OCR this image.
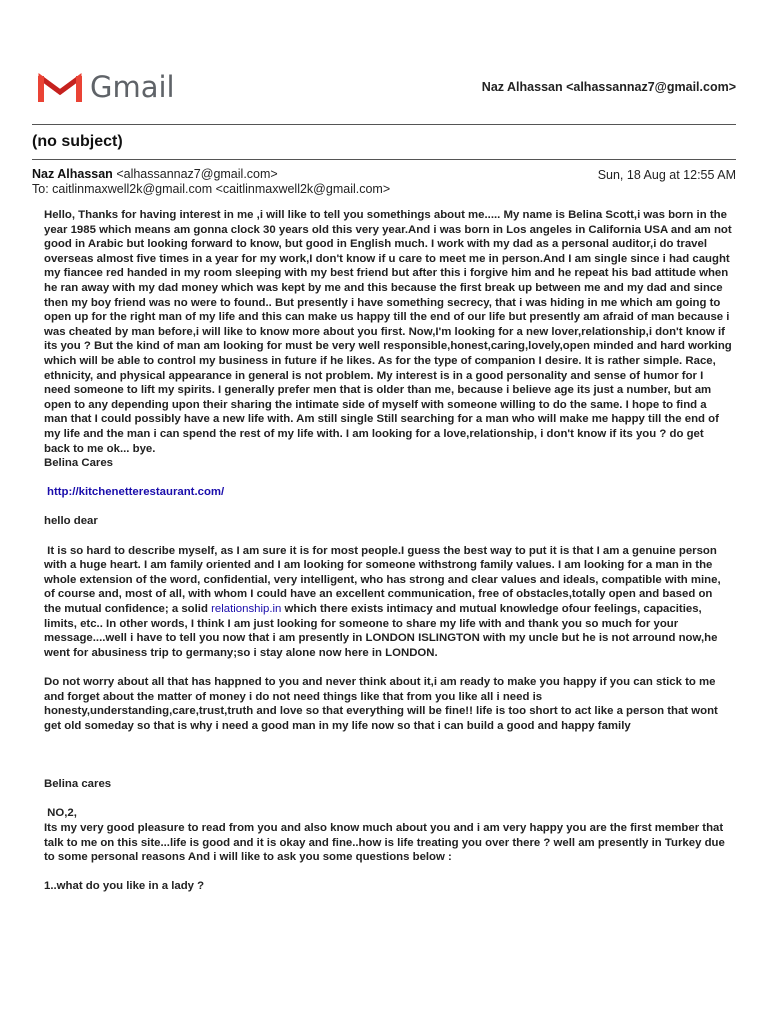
Gmail	Naz Alhassan <alhassannaz7@gmail.com>
(no subject)
Naz Alhassan <alhassannaz7@gmail.com>	Sun, 18 Aug at 12:55 AM
To: caitlinmaxwell2k@gmail.com <caitlinmaxwell2k@gmail.com>

Hello, Thanks for having interest in me ,i will like to tell you somethings about me..... My name is Belina Scott,i was born in the year 1985 which means am gonna clock 30 years old this very year.And i was born in Los angeles in California USA and am not good in Arabic but looking forward to know, but good in English much. I work with my dad as a personal auditor,i do travel overseas almost five times in a year for my work,I don't know if u care to meet me in person.And I am single since i had caught my fiancee red handed in my room sleeping with my best friend but after this i forgive him and he repeat his bad attitude when he ran away with my dad money which was kept by me and this because the first break up between me and my dad and since then my boy friend was no were to found.. But presently i have something secrecy, that i was hiding in me which am going to open up for the right man of my life and this can make us happy till the end of our life but presently am afraid of man because i was cheated by man before,i will like to know more about you first. Now,I'm looking for a new lover,relationship,i don't know if its you ? But the kind of man am looking for must be very well responsible,honest,caring,lovely,open minded and hard working which will be able to control my business in future if he likes. As for the type of companion I desire. It is rather simple. Race, ethnicity, and physical appearance in general is not problem. My interest is in a good personality and sense of humor for I need someone to lift my spirits. I generally prefer men that is older than me, because i believe age its just a number, but am open to any depending upon their sharing the intimate side of myself with someone willing to do the same. I hope to find a man that I could possibly have a new life with. Am still single Still searching for a man who will make me happy till the end of my life and the man i can spend the rest of my life with. I am looking for a love,relationship, i don't know if its you ? do get back to me ok... bye.

Belina Cares

http://kitchenetterestaurant.com/

hello dear

It is so hard to describe myself, as I am sure it is for most people.I guess the best way to put it is that I am a genuine person with a huge heart. I am family oriented and I am looking for someone withstrong family values. I am looking for a man in the whole extension of the word, confidential, very intelligent, who has strong and clear values and ideals, compatible with mine, of course and, most of all, with whom I could have an excellent communication, free of obstacles,totally open and based on the mutual confidence; a solid relationship.in which there exists intimacy and mutual knowledge ofour feelings, capacities, limits, etc.. In other words, I think I am just looking for someone to share my life with and thank you so much for your message....well i have to tell you now that i am presently in LONDON ISLINGTON with my uncle but he is not arround now,he went for abusiness trip to germany;so i stay alone now here in LONDON.

Do not worry about all that has happned to you and never think about it,i am ready to make you happy if you can stick to me and forget about the matter of money i do not need things like that from you like all i need is honesty,understanding,care,trust,truth and love so that everything will be fine!! life is too short to act like a person that wont get old someday so that is why i need a good man in my life now so that i can build a good and happy family

Belina cares

NO,2,

Its my very good pleasure to read from you and also know much about you and i am very happy you are the first member that talk to me on this site...life is good and it is okay and fine..how is life treating you over there ? well am presently in Turkey due to some personal reasons And i will like to ask you some questions below :

1..what do you like in a lady ?
